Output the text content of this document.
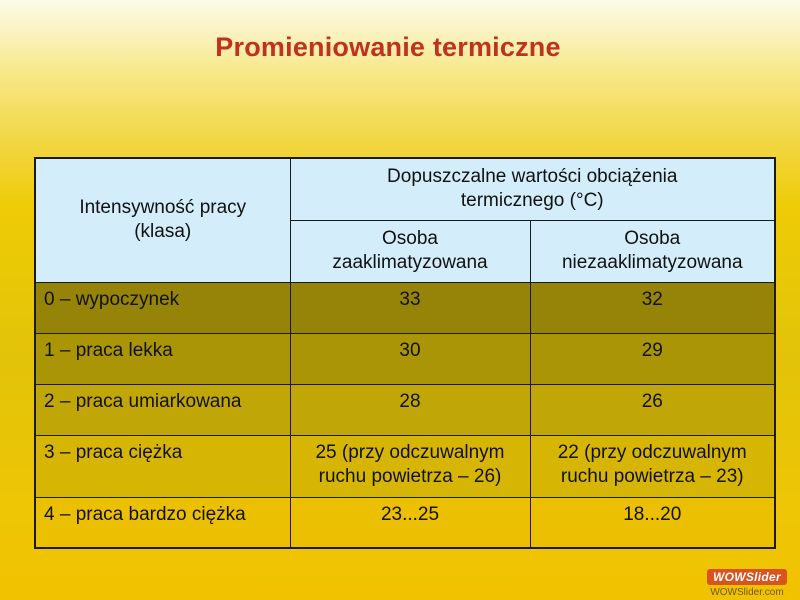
Promieniowanie termiczne
Intensywność pracy (klasa)	Dopuszczalne wartości obciążenia termicznego (°C)	
	Osoba zaaklimatyzowana	Osoba niezaaklimatyzowana
0 – wypoczynek	33	32
1 – praca lekka	30	29
2 – praca umiarkowana	28	26
3 – praca ciężka	25 (przy odczuwalnym ruchu powietrza – 26)	22 (przy odczuwalnym ruchu powietrza – 23)
4 – praca bardzo ciężka	23...25	18...20
WOWSlider
WOWSlider.com
